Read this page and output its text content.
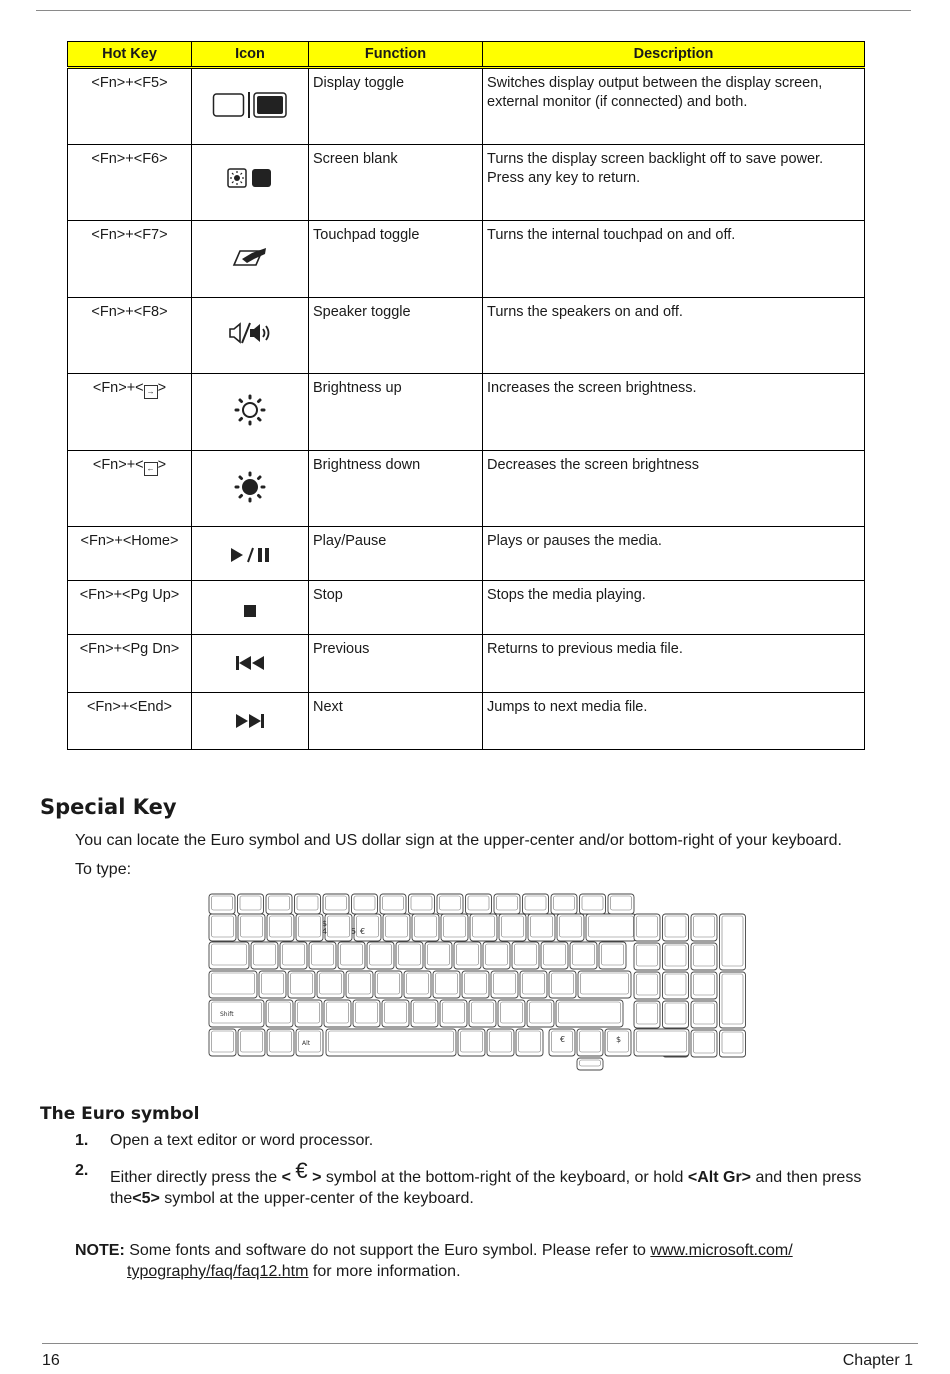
Hot Key	Icon	Function	Description
<Fn>+<F5>		Display toggle	Switches display output between the display screen, external monitor (if connected) and both.
<Fn>+<F6>		Screen blank	Turns the display screen backlight off to save power. Press any key to return.
<Fn>+<F7>		Touchpad toggle	Turns the internal touchpad on and off.
<Fn>+<F8>		Speaker toggle	Turns the speakers on and off.
<Fn>+< → >		Brightness up	Increases the screen brightness.
<Fn>+< ← >		Brightness down	Decreases the screen brightness
<Fn>+<Home>		Play/Pause	Plays or pauses the media.
<Fn>+<Pg Up>		Stop	Stops the media playing.
<Fn>+<Pg Dn>		Previous	Returns to previous media file.
<Fn>+<End>		Next	Jumps to next media file.
Special Key

You can locate the Euro symbol and US dollar sign at the upper-center and/or bottom-right of your keyboard.

To type:

$
4	5 €
Shift
Alt	€	$
The Euro symbol
1.	Open a text editor or word processor.
2.	Either directly press the < € > symbol at the bottom-right of the keyboard, or hold <Alt Gr> and then press the<5> symbol at the upper-center of the keyboard.

NOTE: Some fonts and software do not support the Euro symbol. Please refer to www.microsoft.com/
typography/faq/faq12.htm for more information.

16	Chapter 1
